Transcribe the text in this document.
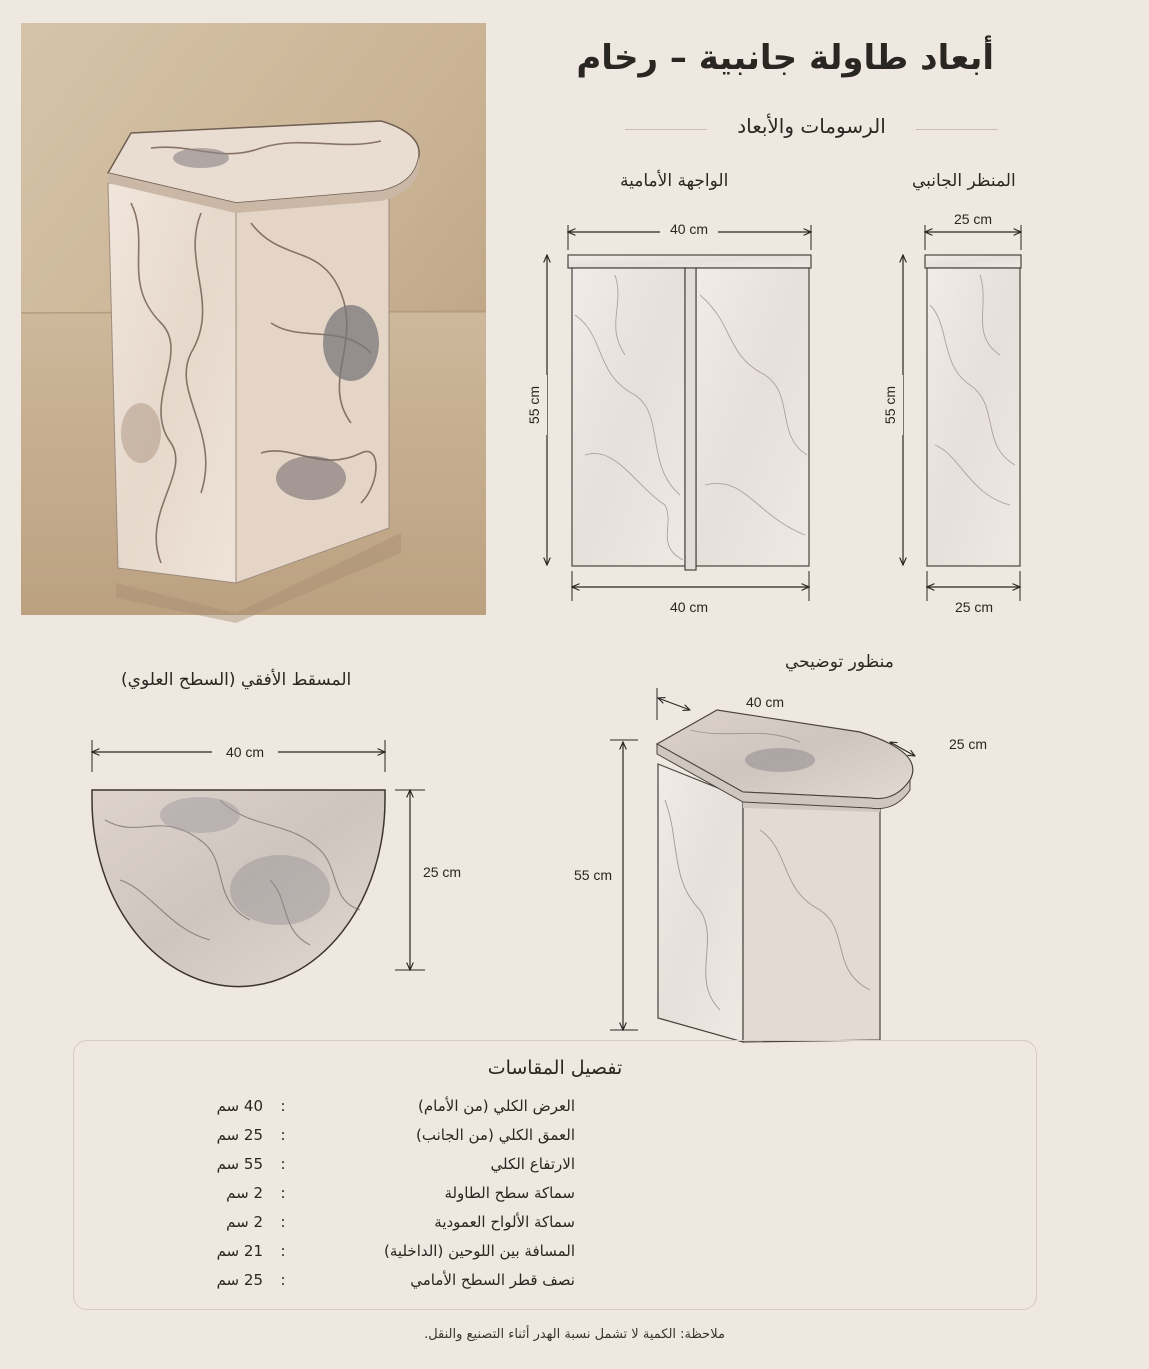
أبعاد طاولة جانبية – رخام
الرسومات والأبعاد
الواجهة الأمامية
40 cm
55 cm
40 cm
المنظر الجانبي
25 cm
55 cm
25 cm
المسقط الأفقي (السطح العلوي)
40 cm
25 cm
منظور توضيحي
40 cm
25 cm
55 cm
تفصيل المقاسات
العرض الكلي (من الأمام)
:
40 سم
العمق الكلي (من الجانب)
:
25 سم
الارتفاع الكلي
:
55 سم
سماكة سطح الطاولة
:
2 سم
سماكة الألواح العمودية
:
2 سم
المسافة بين اللوحين (الداخلية)
:
21 سم
نصف قطر السطح الأمامي
:
25 سم
ملاحظة: الكمية لا تشمل نسبة الهدر أثناء التصنيع والنقل.
